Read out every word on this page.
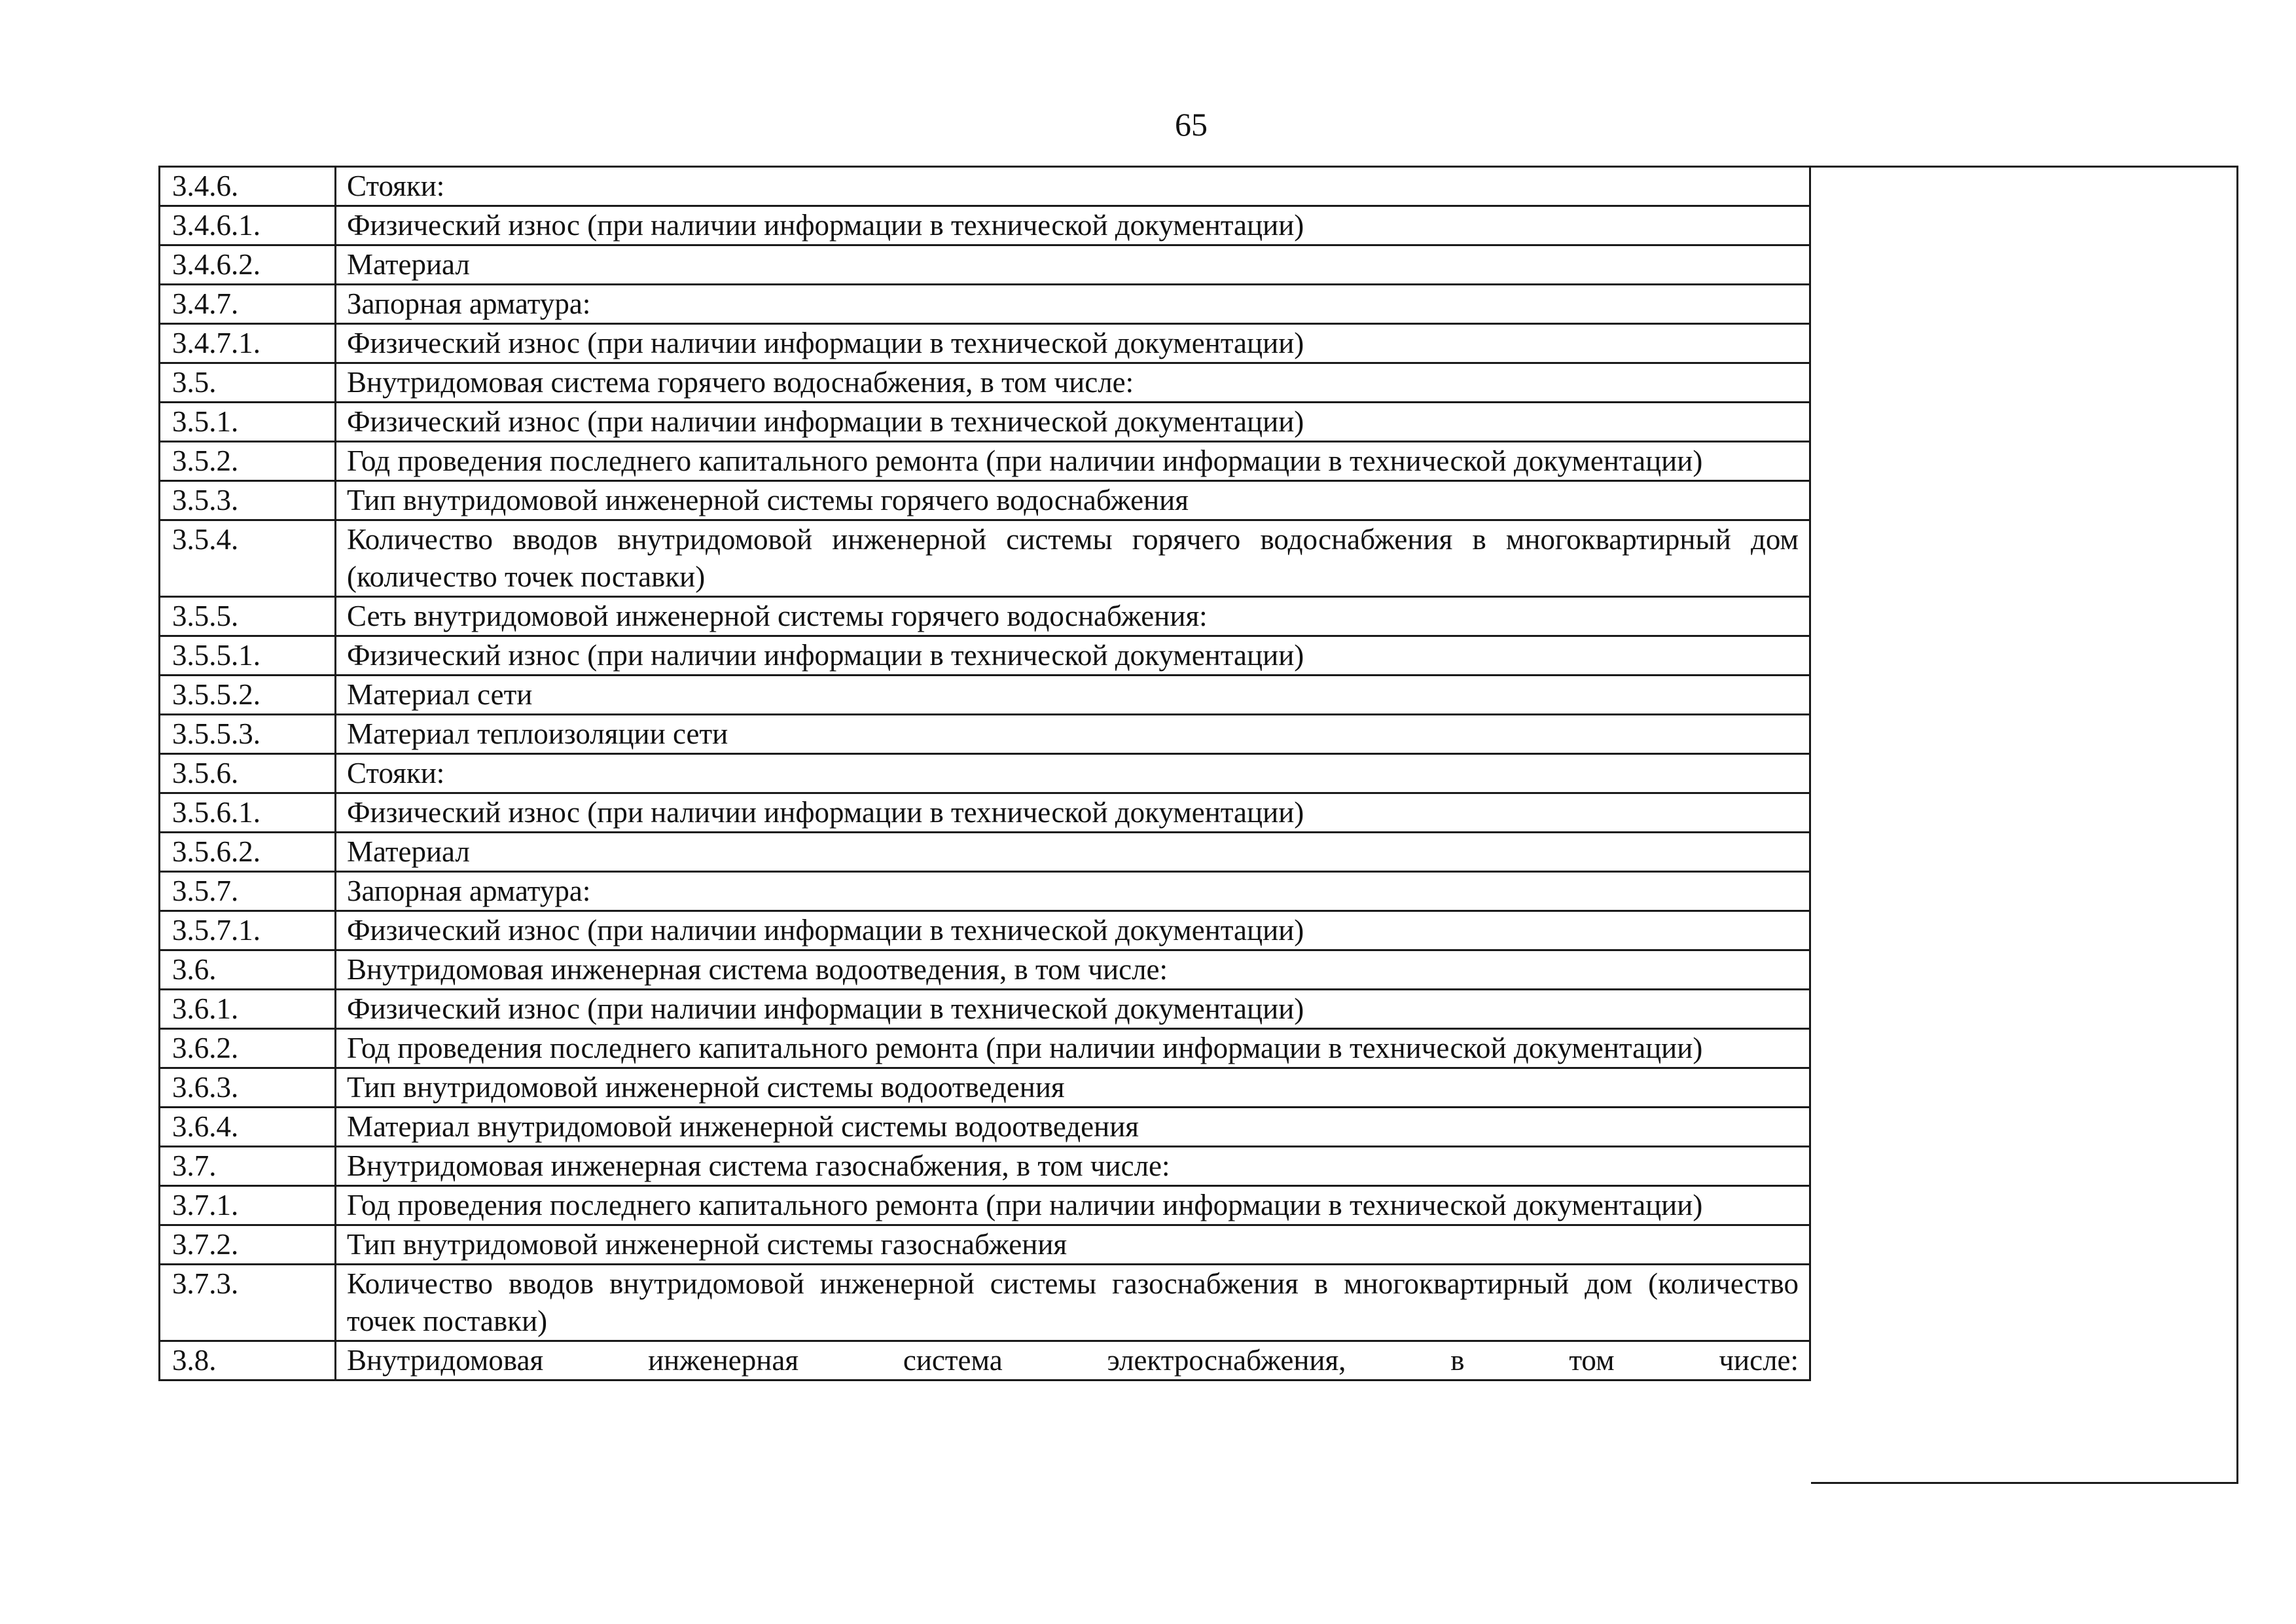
65
3.4.6.	Стояки:
3.4.6.1.	Физический износ (при наличии информации в технической документации)
3.4.6.2.	Материал
3.4.7.	Запорная арматура:
3.4.7.1.	Физический износ (при наличии информации в технической документации)
3.5.	Внутридомовая система горячего водоснабжения, в том числе:
3.5.1.	Физический износ (при наличии информации в технической документации)
3.5.2.	Год проведения последнего капитального ремонта (при наличии информации в технической документации)
3.5.3.	Тип внутридомовой инженерной системы горячего водоснабжения
3.5.4.	Количество вводов внутридомовой инженерной системы горячего водоснабжения в многоквартирный дом (количество точек поставки)
3.5.5.	Сеть внутридомовой инженерной системы горячего водоснабжения:
3.5.5.1.	Физический износ (при наличии информации в технической документации)
3.5.5.2.	Материал сети
3.5.5.3.	Материал теплоизоляции сети
3.5.6.	Стояки:
3.5.6.1.	Физический износ (при наличии информации в технической документации)
3.5.6.2.	Материал
3.5.7.	Запорная арматура:
3.5.7.1.	Физический износ (при наличии информации в технической документации)
3.6.	Внутридомовая инженерная система водоотведения, в том числе:
3.6.1.	Физический износ (при наличии информации в технической документации)
3.6.2.	Год проведения последнего капитального ремонта (при наличии информации в технической документации)
3.6.3.	Тип внутридомовой инженерной системы водоотведения
3.6.4.	Материал внутридомовой инженерной системы водоотведения
3.7.	Внутридомовая инженерная система газоснабжения, в том числе:
3.7.1.	Год проведения последнего капитального ремонта (при наличии информации в технической документации)
3.7.2.	Тип внутридомовой инженерной системы газоснабжения
3.7.3.	Количество вводов внутридомовой инженерной системы газоснабжения в многоквартирный дом (количество точек поставки)
3.8.	Внутридомовая инженерная система электроснабжения, в том числе:
